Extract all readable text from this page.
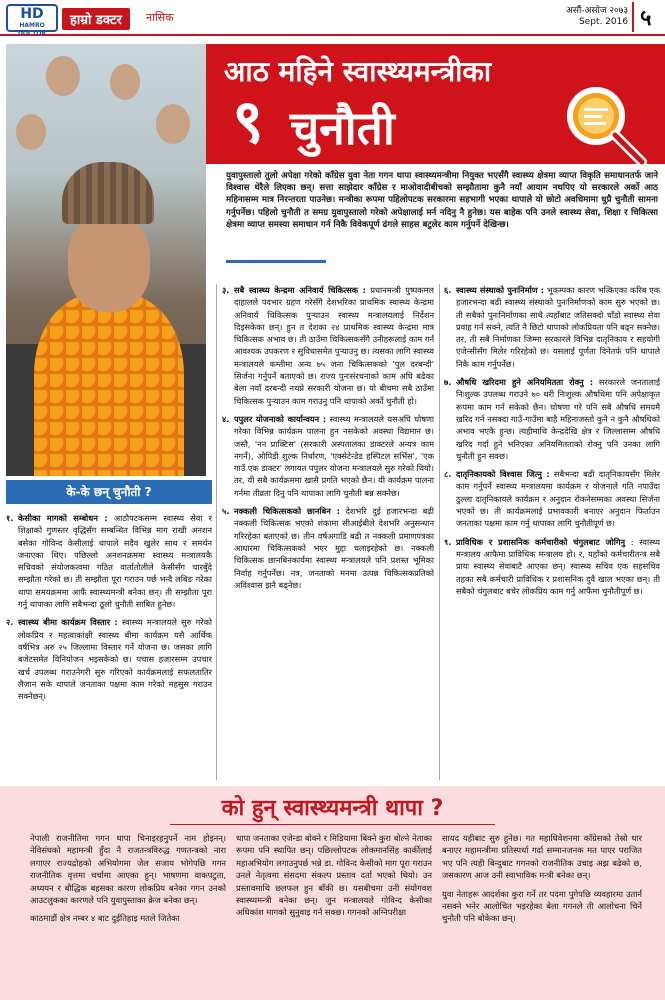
HD
HAMRO DOCTOR
हाम्रो डक्टर	नासिक	असौं-असोज २०७३
Sept. 2016 ५
आठ महिने स्वास्थ्यमन्त्रीका
९ चुनौती
युवापुस्तालो तुलो अपेक्षा गरेको काँग्रेस युवा नेता गगन थापा स्वास्थ्यमन्त्रीमा नियुक्त भएसँगै स्वास्थ्य क्षेत्रमा व्याप्त विकृति समाधानतर्फ जाने विश्वास थेरैले लिएका छन्। सत्ता साझेदार काँग्रेस र माओवादीबीचको सम्झौतामा कुनै नयाँ आयाम नथपिए यो सरकारले अर्को आठ महिनासम्म मात्र निरन्तरता पाउनेछ। मन्त्रीका रूपमा पहिलोपटक सरकारमा सहभागी भएका थापाले यो छोटो अवधिमामा धुप्रै चुनौती सामना गर्नुपर्नेछ। पहिलो चुनौती त समग्र युवापुस्तालो गरेको अपेक्षालाई मर्न नदिनु नै हुनेछ। यस बाहेक पनि उनले स्वास्थ्य सेवा, शिक्षा र चिकित्सा क्षेत्रमा व्याप्त समस्या समाधान गर्न निकै विवेकपूर्ण ढंगले साहस बटुलेर काम गर्नुपर्ने देखिन्छ।
के-के छन् चुनौती ?
१. केसीका मागको सम्बोधन : आठौपटकसम्म स्वास्थ्य सेवा र शिक्षाको गुणस्तर वृद्धिसँग सम्बन्धित विभिन्न माग राखी अनशन बसेका गोविन्द केसीलाई थापाले सदैव खुलेर साथ र समर्थन जनाएका थिए। पछिल्लो अनशनक्रममा स्वास्थ्य मन्त्रालयकै सचिवको संयोजकत्वमा गठित वार्तातोलीले केसीसँग चारबुँदे सम्झौता गरेको छ। ती सम्झौता पूरा गराउन पर्छ भन्दै लबिङ गरेका थापा समयक्रममा आफैं स्वास्थ्यमन्त्री बनेका छन्। ती सम्झौता पूरा गर्नु थापाका लागि सबैभन्दा ठूलो चुनौती साबित हुनेछ।
२. स्वास्थ्य बीमा कार्यक्रम विस्तार : स्वास्थ्य मन्त्रालयले सुरु गरेको लोकप्रिय र महत्वाकांक्षी स्वास्थ्य बीमा कार्यक्रम यसै आर्थिक वर्षभित्र अरु २५ जिल्लामा विस्तार गर्ने योजना छ। जसका लागि बजेटसमेत विनियोजन भइसकेको छ। पचास हजारसम्म उपचार खर्च उपलब्ध गराउनेगरी सुरु गरिएको कार्यक्रमलाई सफलतातिर लैजान सके थापाले जनताका पक्षमा काम गरेको महसुस गराउन सक्नेछन्।
३. सबै स्वास्थ्य केन्द्रमा अनिवार्य चिकित्सक : प्रधानमन्त्री पुष्पकमल दाहालले पदभार ग्रहण गरेसँगै देशभरिका प्राथमिक स्वास्थ्य केन्द्रमा अनिवार्य चिकित्सक पुऱ्याउन स्वास्थ्य मन्त्रालयलाई निर्देशन दिइसकेका छन्। हुन त देशका २४ प्राथमिक स्वास्थ्य केन्द्रमा मात्र चिकित्सक अभाव छ। ती ठाउँमा चिकित्सकसँगै उनीहरूलाई काम गर्न आवश्यक उपकरण र सुविधासमेत पुऱ्याउनु छ। त्यसका लागि स्वास्थ्य मन्त्रालयले कम्तीमा अन्य ७५ जना चिकित्सकको 'पुल दरबन्दी' सिर्जना गर्नुपर्ने बताएको छ। राज्य पुनःसंरचनाको काम अघि बढेका बेला नयाँ दरबन्दी नथप्ने सरकारी योजना छ। यो बीचमा सबै ठाउँमा चिकित्सक पुऱ्याउन काम गराउनु पनि थापाको अर्को चुनौती हो।
४. पपुलर योजनाको कार्यान्वयन : स्वास्थ्य मन्त्रालयले यसअघि घोषणा गरेका विभिन्न कार्यक्रम पालना हुन नसकेको अवस्था विद्यमान छ। जस्तै, 'नन प्राक्टिस' (सरकारी अस्पतालका डाक्टरले अन्यत्र काम नगर्ने), ओपिडी शुल्क निर्धारण, 'एक्सेटेन्डेड हस्पिटल सर्भिस', 'एक गाउँ एक डाक्टर' लगायत पपुलर योजना मन्त्रालयले सुरु गरेको थियो। तर, यी सबै कार्यक्रममा खासै प्रगति भएको छैन। यी कार्यक्रम पालना गर्नमा तीव्रता दिनु पनि थापाका लागि चुनौती बन्न सक्नेछ।
५. नक्कली चिकित्सकको छानबिन : देशभरि दुई हजारभन्दा बढी नक्कली चिकित्सक भएको शंकामा सीआईबीले देशभरि अनुसन्धान गरिरहेका बताएको छ। तीन वर्षअगाडि बढी त नक्कली प्रमाणपत्रका आधारमा चिकित्सकको भएर मुद्दा चलाइरहेको छ। नक्कली चिकित्सक छानबिनकार्यमा स्वास्थ्य मन्त्रालयले पनि प्रशस्त भूमिका निर्वाह गर्नुपर्नेछ। नत्र, जनताको मनमा उत्पन्न चिकित्सकप्रतिको अविश्वास झनै बढ्नेछ।
६. स्वास्थ्य संस्थाको पुनःनिर्माण : भूकम्पका कारण भत्किएका करिब एक हजारभन्दा बढी स्वास्थ्य संस्थाको पुनःनिर्माणको काम सुरु भएको छ। ती सबैको पुनःनिर्माणका साथै त्यहाँबाट जतिसक्दो चाँडो स्वास्थ्य सेवा प्रवाह गर्न सक्ने, त्यति नै छिटो थापाको लोकप्रियता पनि बढ्न सक्नेछ। तर, ती सबै निर्माणका जिम्मा सरकारले विभिन्न दातृनिकाय र सहयोगी एजेन्सीसँग मिलेर गरिरहेको छ। यसलाई पूर्णता दिनेतर्फ पनि थापाले निकै काम गर्नुपर्नेछ।
७. औषधि खरिदमा हुने अनियमितता रोक्नु : सरकारले जनतालाई निःशुल्क उपलब्ध गराउने ७० थरी निःशुल्क औषधिमा पनि अपेक्षाकृत रूपमा काम गर्न सकेको छैन। घोषणा गरे पनि सबै औषधि समयमै खरिद गर्न नसक्दा गाउँ-गाउँमा बाहै महिनाजस्तो कुनै न कुनै औषधिको अभाव भएकै हुन्छ। त्यहीमाथि केन्द्रदेखि क्षेत्र र जिल्लासम्म औषधि खरिद गर्दा हुने भनिएका अनियमितताको रोक्नु पनि उनका लागि चुनौती हुन सक्छ।
८. दातृनिकायको विश्वास जित्नु : सबैभन्दा बढी दातृनिकायसँग मिलेर काम गर्नुपर्ने स्वास्थ्य मन्त्रालयमा कार्यक्रम र योजनाले गति नपाउँदा ठुल्ला दातृनिकायले कार्यक्रम र अनुदान रोकनेसम्मका अवस्था सिर्जना भएको छ। ती कार्यक्रमलाई प्रभावकारी बनाएर अनुदान फिर्ताउन जनताका पक्षमा काम गर्नु थापाका लागि चुनौतीपूर्ण छ।
९. प्राविधिक र प्रशासनिक कर्मचारीको चंगुलबाट जोगिनु : स्वास्थ्य मन्त्रालय आफैमा प्राविधिक मन्त्रालय हो। र, यहाँको कर्मचारीतन्त्र सबै प्रायः स्वास्थ्य सेवाबाटै आएका छन्। स्वास्थ्य सचिव एक सहसचिव तहका सबै कर्मचारी प्राविधिक र प्रशासनिक दुवै खाल भएका छन्। ती सबैको चंगुलबाट बचेर लोकप्रिय काम गर्नु आफैंमा चुनौतीपूर्ण छ।
को हुन् स्वास्थ्यमन्त्री थापा ?

नेपाली राजनीतिमा गगन थापा चिनाइरहनुपर्ने नाम होइनन्। नेविसंघको महामन्त्री हुँदा नै राजतन्त्रविरुद्ध गणतन्त्रको नारा लगाएर राज्यद्रोहको अभियोगमा जेल सजाय भोगेपछि गगन राजनीतिक वृत्तमा चर्चामा आएका हुन्। भाषणमा वाकपटुता, अध्ययन र बौद्धिक बहसका कारण लोकप्रिय बनेका गगन उनको आउटलुकका कारणले पनि युवापुस्ताका क्रेज बनेका छन्।

काठमाडौं क्षेत्र नम्बर ४ बाट दुईतिहाइ मतले जितेका

थापा जनताका एजेन्डा बोक्ने र मिडियामा बिक्ने कुरा बोल्ने नेताका रूपमा पनि स्थापित छन्। पछिल्लोपटक लोकमानसिंह कार्कीलाई महाअभियोग लगाउनुपर्छ भन्ने डा. गोविन्द केसीको माग पूरा गराउन उनले नेतृत्वमा संसदमा संकल्प प्रस्ताव दर्ता भएको थियो। उन प्रस्तावमाथि छलफल हुन बाँकी छ। यसबीचमा उनी संयोगवश स्वास्थ्यमन्त्री बनेका छन्। जुन मन्त्रालयले गोविन्द केसीका अधिकांश मागको सुनुवाइ गर्न सक्छ। गगनको अग्निपरीक्षा

सायद यहीबाट सुरु हुनेछ। गत महाधिवेशनमा काँग्रेसको तेस्रो धार बनाएर महामन्त्रीमा प्रतिस्पर्धा गर्दा सम्मानजनक मत पाएर पराजित भए पनि त्यही बिन्दुबाट गगनको राजनीतिक उचाइ अझ बढेको छ, जसकारण आज उनी स्वाभाविक मन्त्री बनेका छन्।

युवा नेताहरू आदर्शका कुरा गर्ने तर पदमा पुगेपछि व्यवहारमा उतार्न नसक्ने भनेर आलोचित भइरहेका बेला गगनले ती आलोचना चिर्ने चुनौती पनि बोकेका छन्।
